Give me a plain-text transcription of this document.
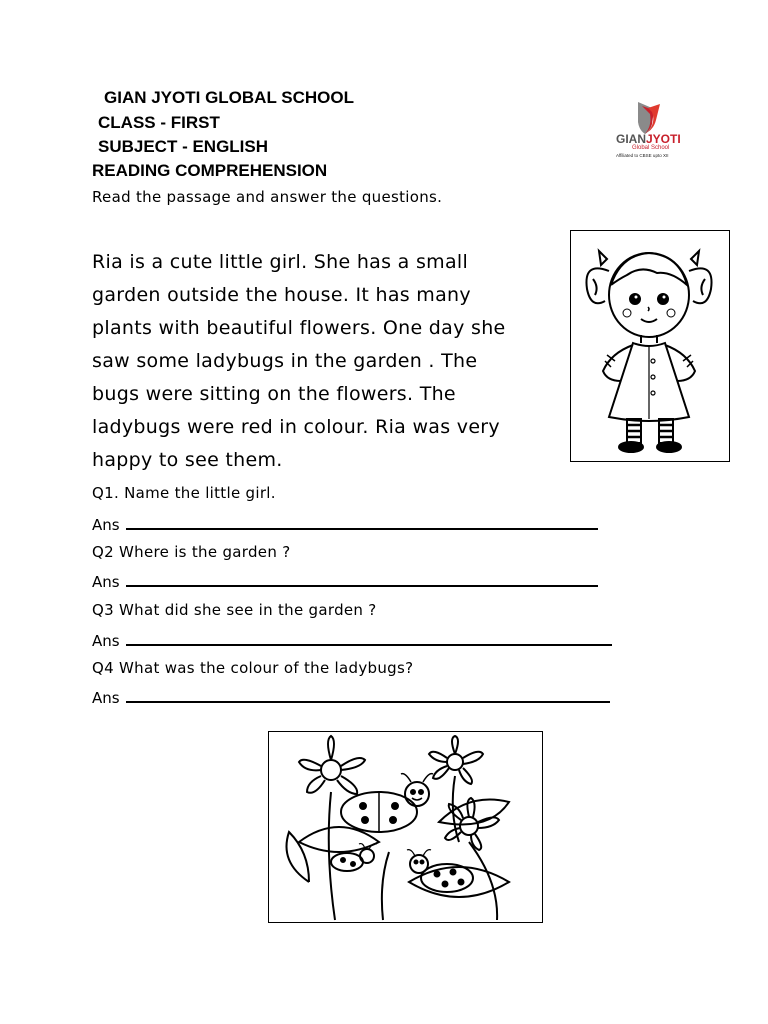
GIAN JYOTI GLOBAL SCHOOL
CLASS - FIRST
SUBJECT - ENGLISH
READING COMPREHENSION
Read the passage and answer the questions.
GIANJYOTI
Global School
Affiliated to CBSE upto XII
Ria is a cute little girl. She has a small
garden outside the house. It has many
plants with beautiful flowers. One day she
saw some ladybugs in the garden . The
bugs were sitting on the flowers. The
ladybugs were red in colour. Ria was very
happy to see them.
Q1. Name the little girl.
Ans
Q2 Where is the garden ?
Ans
Q3 What did she see in the garden ?
Ans
Q4 What was the colour of the ladybugs?
Ans
